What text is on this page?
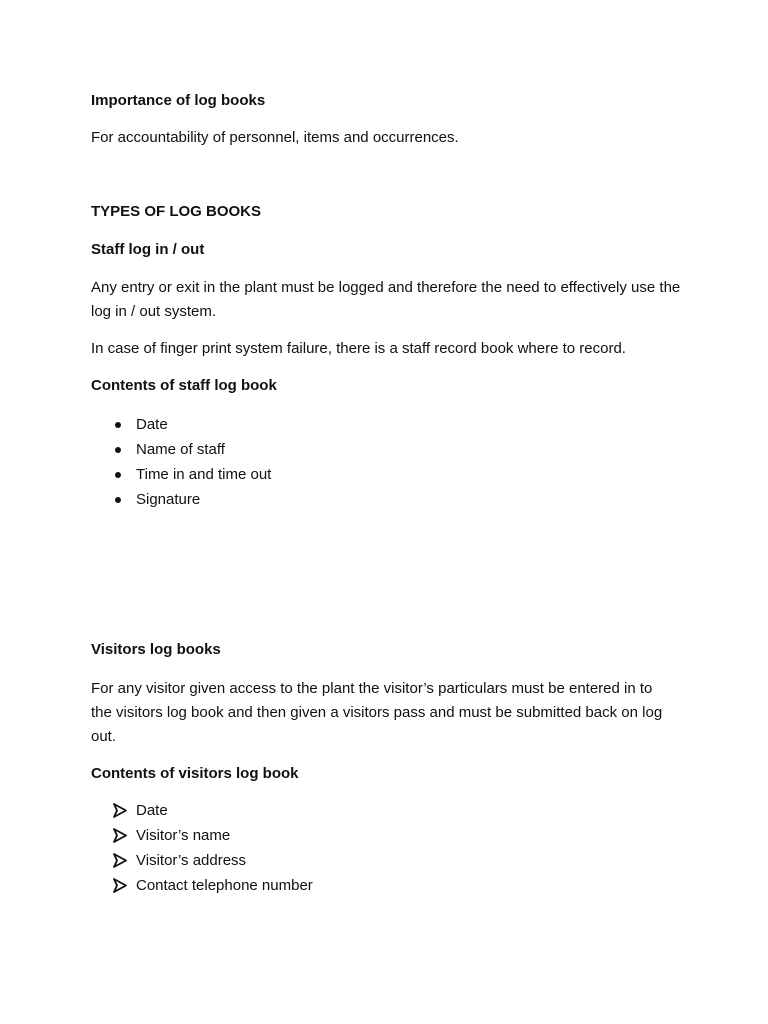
Importance of log books

For accountability of personnel, items and occurrences.

TYPES OF LOG BOOKS

Staff log in / out

Any entry or exit in the plant must be logged and therefore the need to effectively use the log in / out system.

In case of finger print system failure, there is a staff record book where to record.

Contents of staff log book

Date
Name of staff
Time in and time out
Signature

Visitors log books

For any visitor given access to the plant the visitor’s particulars must be entered in to the visitors log book and then given a visitors pass and must be submitted back on log out.

Contents of visitors log book

Date
Visitor’s name
Visitor’s address
Contact telephone number
